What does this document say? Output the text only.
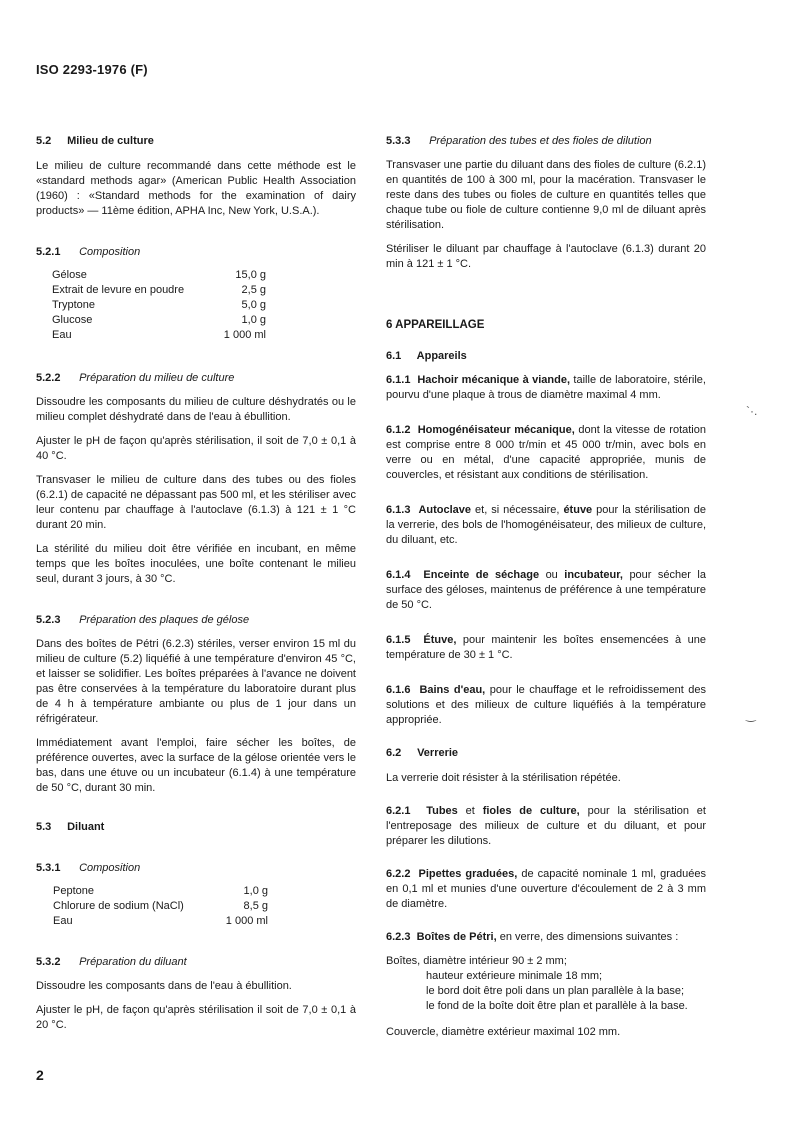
ISO 2293-1976 (F)
5.2 Milieu de culture

Le milieu de culture recommandé dans cette méthode est le «standard methods agar» (American Public Health Association (1960) : «Standard methods for the examination of dairy products» — 11ème édition, APHA Inc, New York, U.S.A.).

5.2.1 Composition
Gélose	15,0 g
Extrait de levure en poudre	2,5 g
Tryptone	5,0 g
Glucose	1,0 g
Eau	1 000 ml
5.2.2 Préparation du milieu de culture

Dissoudre les composants du milieu de culture déshydratés ou le milieu complet déshydraté dans de l'eau à ébullition.

Ajuster le pH de façon qu'après stérilisation, il soit de 7,0 ± 0,1 à 40 °C.

Transvaser le milieu de culture dans des tubes ou des fioles (6.2.1) de capacité ne dépassant pas 500 ml, et les stériliser avec leur contenu par chauffage à l'autoclave (6.1.3) à 121 ± 1 °C durant 20 min.

La stérilité du milieu doit être vérifiée en incubant, en même temps que les boîtes inoculées, une boîte contenant le milieu seul, durant 3 jours, à 30 °C.

5.2.3 Préparation des plaques de gélose

Dans des boîtes de Pétri (6.2.3) stériles, verser environ 15 ml du milieu de culture (5.2) liquéfié à une température d'environ 45 °C, et laisser se solidifier. Les boîtes préparées à l'avance ne doivent pas être conservées à la température du laboratoire durant plus de 4 h à température ambiante ou plus de 1 jour dans un réfrigérateur.

Immédiatement avant l'emploi, faire sécher les boîtes, de préférence ouvertes, avec la surface de la gélose orientée vers le bas, dans une étuve ou un incubateur (6.1.4) à une température de 50 °C, durant 30 min.

5.3 Diluant
5.3.1 Composition
Peptone	1,0 g
Chlorure de sodium (NaCl)	8,5 g
Eau	1 000 ml
5.3.2 Préparation du diluant

Dissoudre les composants dans de l'eau à ébullition.

Ajuster le pH, de façon qu'après stérilisation il soit de 7,0 ± 0,1 à 20 °C.

5.3.3 Préparation des tubes et des fioles de dilution

Transvaser une partie du diluant dans des fioles de culture (6.2.1) en quantités de 100 à 300 ml, pour la macération. Transvaser le reste dans des tubes ou fioles de culture en quantités telles que chaque tube ou fiole de culture contienne 9,0 ml de diluant après stérilisation.

Stériliser le diluant par chauffage à l'autoclave (6.1.3) durant 20 min à 121 ± 1 °C.

6 APPAREILLAGE
6.1 Appareils

6.1.1 Hachoir mécanique à viande, taille de laboratoire, stérile, pourvu d'une plaque à trous de diamètre maximal 4 mm.

6.1.2 Homogénéisateur mécanique, dont la vitesse de rotation est comprise entre 8 000 tr/min et 45 000 tr/min, avec bols en verre ou en métal, d'une capacité appropriée, munis de couvercles, et résistant aux conditions de stérilisation.

6.1.3 Autoclave et, si nécessaire, étuve pour la stérilisation de la verrerie, des bols de l'homogénéisateur, des milieux de culture, du diluant, etc.

6.1.4 Enceinte de séchage ou incubateur, pour sécher la surface des géloses, maintenus de préférence à une température de 50 °C.

6.1.5 Étuve, pour maintenir les boîtes ensemencées à une température de 30 ± 1 °C.

6.1.6 Bains d'eau, pour le chauffage et le refroidissement des solutions et des milieux de culture liquéfiés à la température appropriée.

6.2 Verrerie

La verrerie doit résister à la stérilisation répétée.

6.2.1 Tubes et fioles de culture, pour la stérilisation et l'entreposage des milieux de culture et du diluant, et pour préparer les dilutions.

6.2.2 Pipettes graduées, de capacité nominale 1 ml, graduées en 0,1 ml et munies d'une ouverture d'écoulement de 2 à 3 mm de diamètre.

6.2.3 Boîtes de Pétri, en verre, des dimensions suivantes :

Boîtes, diamètre intérieur 90 ± 2 mm;

hauteur extérieure minimale 18 mm;
le bord doit être poli dans un plan parallèle à la base;
le fond de la boîte doit être plan et parallèle à la base.

Couvercle, diamètre extérieur maximal 102 mm.

2
`·.
‿
